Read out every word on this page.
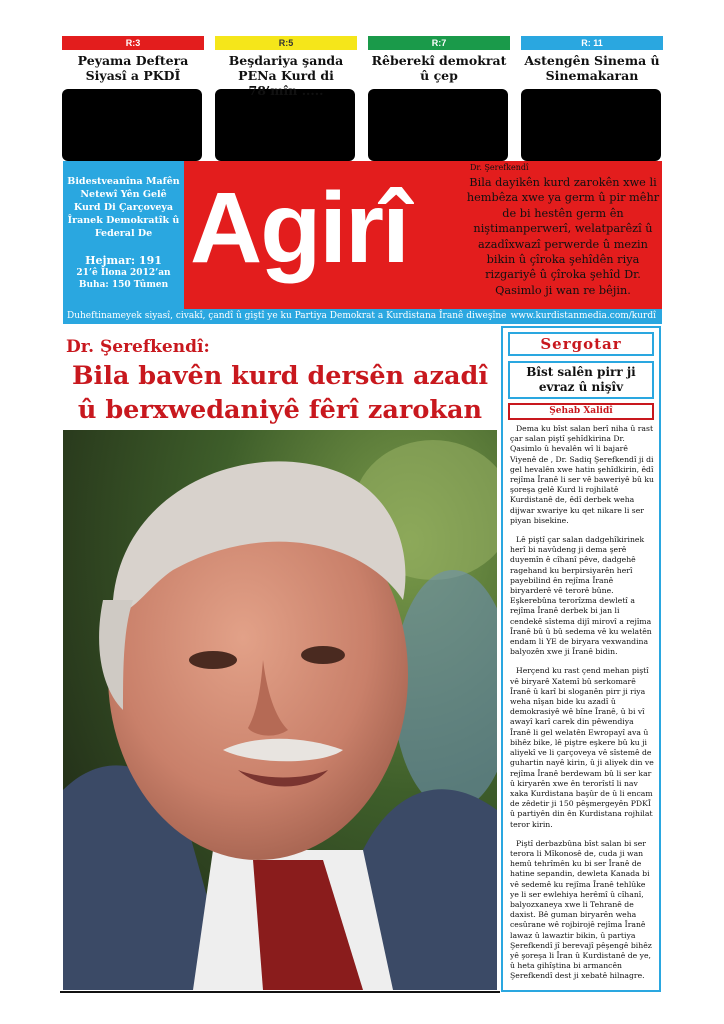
R:3
Peyama Deftera Siyasî a PKDÎ
R:5
Beşdariya şanda PENa Kurd di 78’mîn .....
R:7
Rêberekî demokrat û çep
R: 11
Astengên Sinema û Sinemakaran
Bidestveanîna Mafên Netewî Yên Gelê Kurd Di Çarçoveya Îranek Demokratîk û Federal De
Hejmar: 191
21’ê Îlona 2012’an
Buha: 150 Tûmen
Agirî
Dr. Şerefkendî
Bila dayikên kurd zarokên xwe li hembêza xwe ya germ û pir mêhr de bi hestên germ ên niştimanperwerî, welatparêzî û azadîxwazî perwerde û mezin bikin û çîroka şehîdên riya rizgariyê û çîroka şehîd Dr. Qasimlo ji wan re bêjin.
Duheftinameyek siyasî, civakî, çandî û giştî ye ku Partiya Demokrat a Kurdistana Îranê diweşîne www.kurdistanmedia.com/kurdî
Dr. Şerefkendî:
Bila bavên kurd dersên azadî û berxwedaniyê fêrî zarokan
Sergotar
Bîst salên pirr ji evraz û nişîv
Şehab Xalidî

Dema ku bîst salan berî niha û rast çar salan piştî şehîdkirina Dr. Qasimlo û hevalên wî li bajarê Viyenê de , Dr. Sadiq Şerefkendî ji di gel hevalên xwe hatin şehîdkirin, êdî rejîma Îranê li ser vê baweriyê bû ku şoreşa gelê Kurd li rojhilatê Kurdistanê de, êdî derbek weha dijwar xwariye ku qet nikare li ser piyan bisekine.

Lê piştî çar salan dadgehîkirinek herî bi navûdeng ji dema şerê duyemîn ê cîhanî pêve, dadgehê ragehand ku berpirsiyarên herî payebilind ên rejîma Îranê biryarderê vê terorê bûne. Eşkerebûna terorîzma dewletî a rejîma Îranê derbek bi jan li cendekê sîstema dijî mirovî a rejîma Îranê bû û bû sedema vê ku welatên endam li YE de biryara vexwandina balyozên xwe ji Îranê bidin.

Herçend ku rast çend mehan piştî vê biryarê Xatemî bû serkomarê Îranê û karî bi sloganên pirr ji riya weha nîşan bide ku azadî û demokrasiyê wê bîne Îranê, û bi vî awayî karî carek din pêwendiya Îranê li gel welatên Ewropayî ava û bihêz bike, lê piştre eşkere bû ku ji aliyekî ve li çarçoveya vê sîstemê de guhartin nayê kirin, û ji aliyek din ve rejîma Îranê berdewam bû li ser kar û kiryarên xwe ên terorîstî li nav xaka Kurdistana başûr de û li encam de zêdetir ji 150 pêşmergeyên PDKÎ û partiyên din ên Kurdistana rojhilat teror kirin.

Piştî derbazbûna bîst salan bi ser terora li Mîkonosê de, cuda ji wan hemû tehrîmên ku bi ser Îranê de hatine sepandin, dewleta Kanada bi vê sedemê ku rejîma Îranê tehlûke ye li ser ewlehiya herêmî û cîhanî, balyozxaneya xwe li Tehranê de daxist. Bê guman biryarên weha cesûrane wê rojbirojê rejîma Îranê lawaz û lawaztir bikin, û partiya Şerefkendî jî berevajî pêşengê bihêz yê şoreşa li Îran û Kurdistanê de ye, û heta gihîştina bi armancên Şerefkendî dest ji xebatê hilnagre.
